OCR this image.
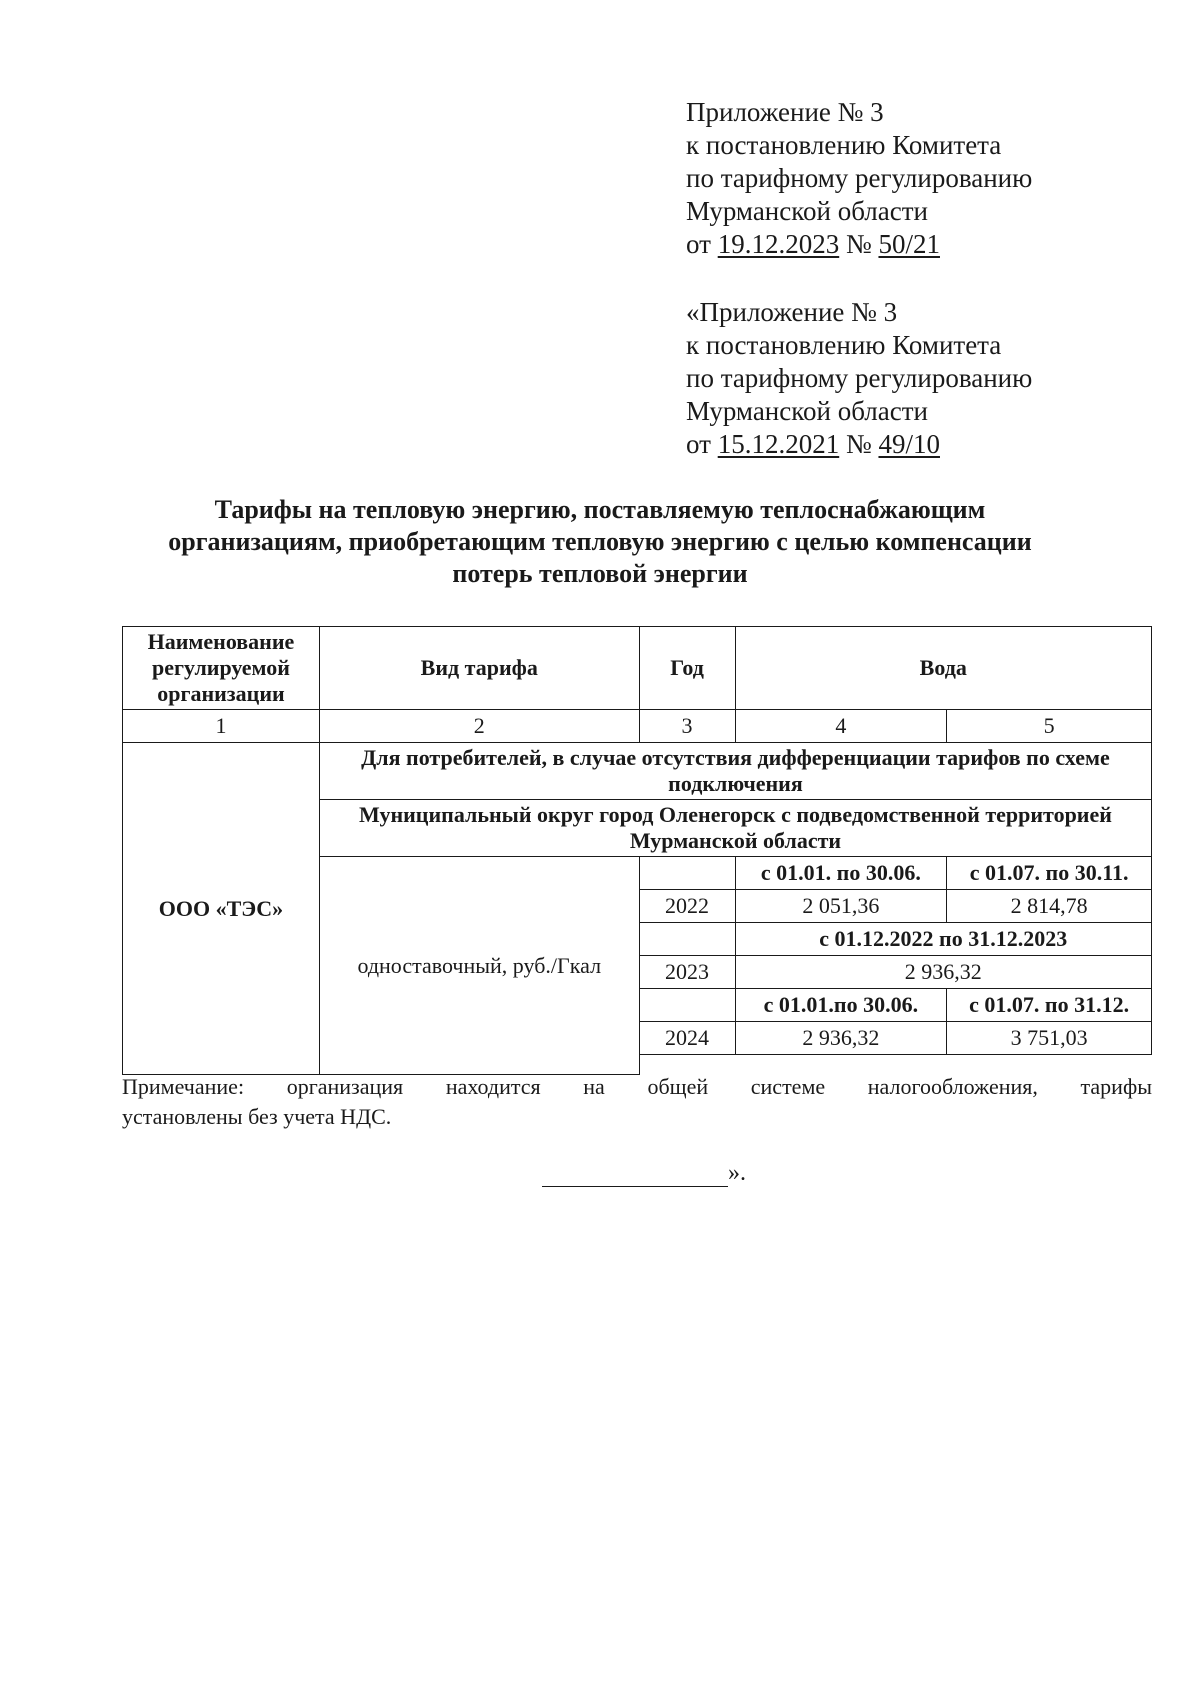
Приложение № 3
к постановлению Комитета
по тарифному регулированию
Мурманской области
от 19.12.2023 № 50/21
«Приложение № 3
к постановлению Комитета
по тарифному регулированию
Мурманской области
от 15.12.2021 № 49/10
Тарифы на тепловую энергию, поставляемую теплоснабжающим
организациям, приобретающим тепловую энергию с целью компенсации
потерь тепловой энергии
Наименование регулируемой организации	Вид тарифа	Год	Вода	
1	2	3	4	5
ООО «ТЭС»	Для потребителей, в случае отсутствия дифференциации тарифов по схеме подключения			
	Муниципальный округ город Оленегорск с подведомственной территорией Мурманской области			
	одноставочный, руб./Гкал		с 01.01. по 30.06.	с 01.07. по 30.11.
		2022	2 051,36	2 814,78
			с 01.12.2022 по 31.12.2023	
		2023	2 936,32	
			с 01.01.по 30.06.	с 01.07. по 31.12.
		2024	2 936,32	3 751,03

Примечание: организация находится на общей системе налогообложения, тарифы
установлены без учета НДС.
».
